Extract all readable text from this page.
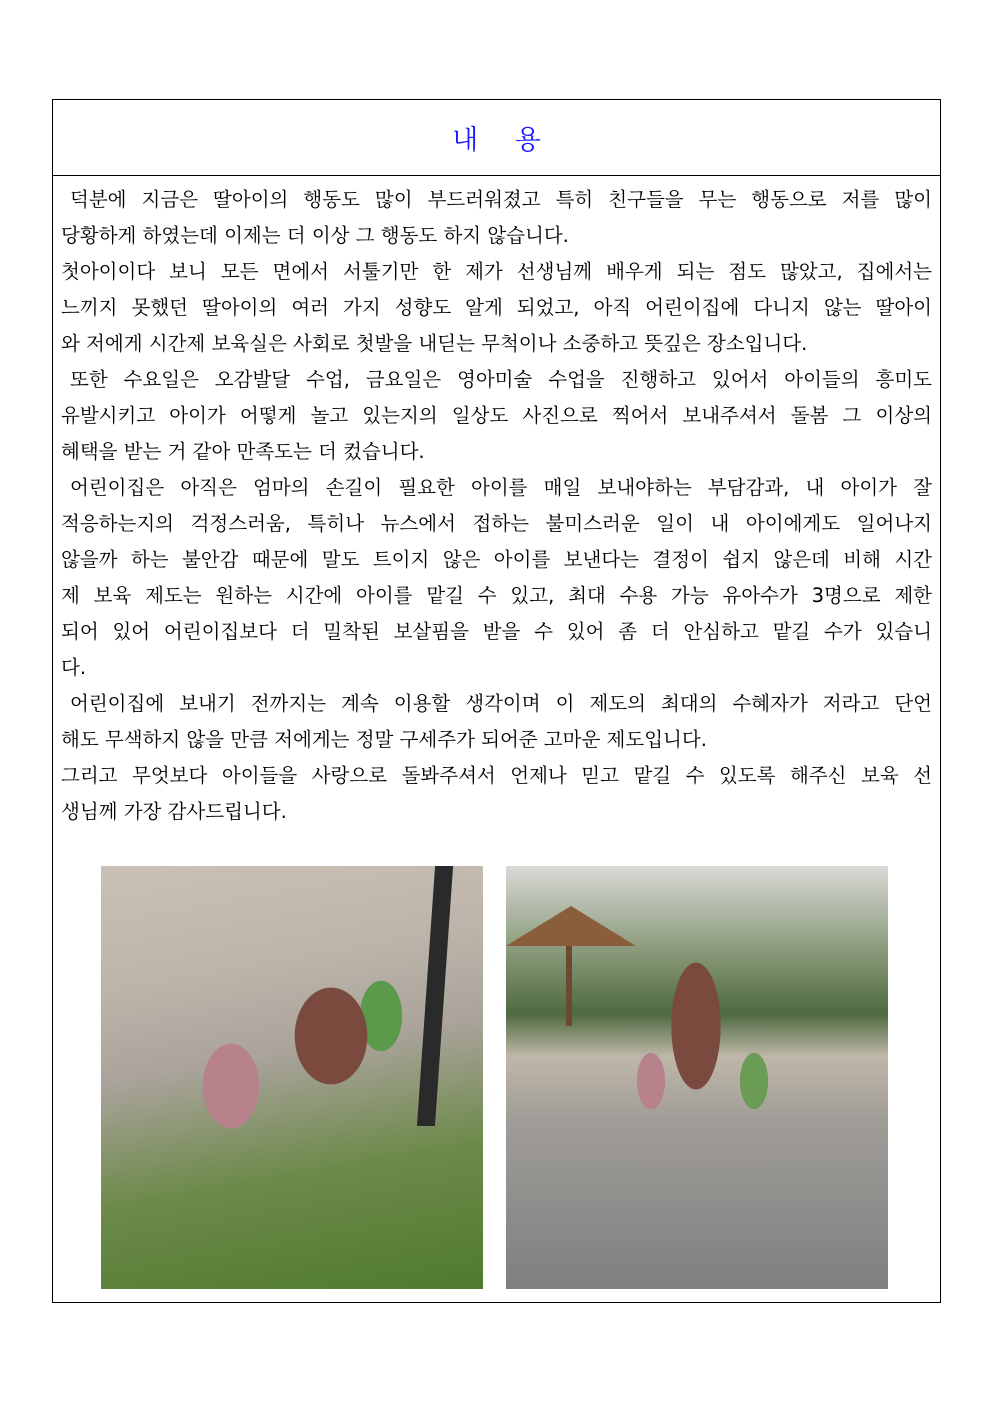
내 용
덕분에 지금은 딸아이의 행동도 많이 부드러워졌고 특히 친구들을 무는 행동으로 저를 많이
당황하게 하였는데 이제는 더 이상 그 행동도 하지 않습니다.
첫아이이다 보니 모든 면에서 서툴기만 한 제가 선생님께 배우게 되는 점도 많았고, 집에서는
느끼지 못했던 딸아이의 여러 가지 성향도 알게 되었고, 아직 어린이집에 다니지 않는 딸아이
와 저에게 시간제 보육실은 사회로 첫발을 내딛는 무척이나 소중하고 뜻깊은 장소입니다.
또한 수요일은 오감발달 수업, 금요일은 영아미술 수업을 진행하고 있어서 아이들의 흥미도
유발시키고 아이가 어떻게 놀고 있는지의 일상도 사진으로 찍어서 보내주셔서 돌봄 그 이상의
혜택을 받는 거 같아 만족도는 더 컸습니다.
어린이집은 아직은 엄마의 손길이 필요한 아이를 매일 보내야하는 부담감과, 내 아이가 잘
적응하는지의 걱정스러움, 특히나 뉴스에서 접하는 불미스러운 일이 내 아이에게도 일어나지
않을까 하는 불안감 때문에 말도 트이지 않은 아이를 보낸다는 결정이 쉽지 않은데 비해 시간
제 보육 제도는 원하는 시간에 아이를 맡길 수 있고, 최대 수용 가능 유아수가 3명으로 제한
되어 있어 어린이집보다 더 밀착된 보살핌을 받을 수 있어 좀 더 안심하고 맡길 수가 있습니
다.
어린이집에 보내기 전까지는 계속 이용할 생각이며 이 제도의 최대의 수혜자가 저라고 단언
해도 무색하지 않을 만큼 저에게는 정말 구세주가 되어준 고마운 제도입니다.
그리고 무엇보다 아이들을 사랑으로 돌봐주셔서 언제나 믿고 맡길 수 있도록 해주신 보육 선
생님께 가장 감사드립니다.
